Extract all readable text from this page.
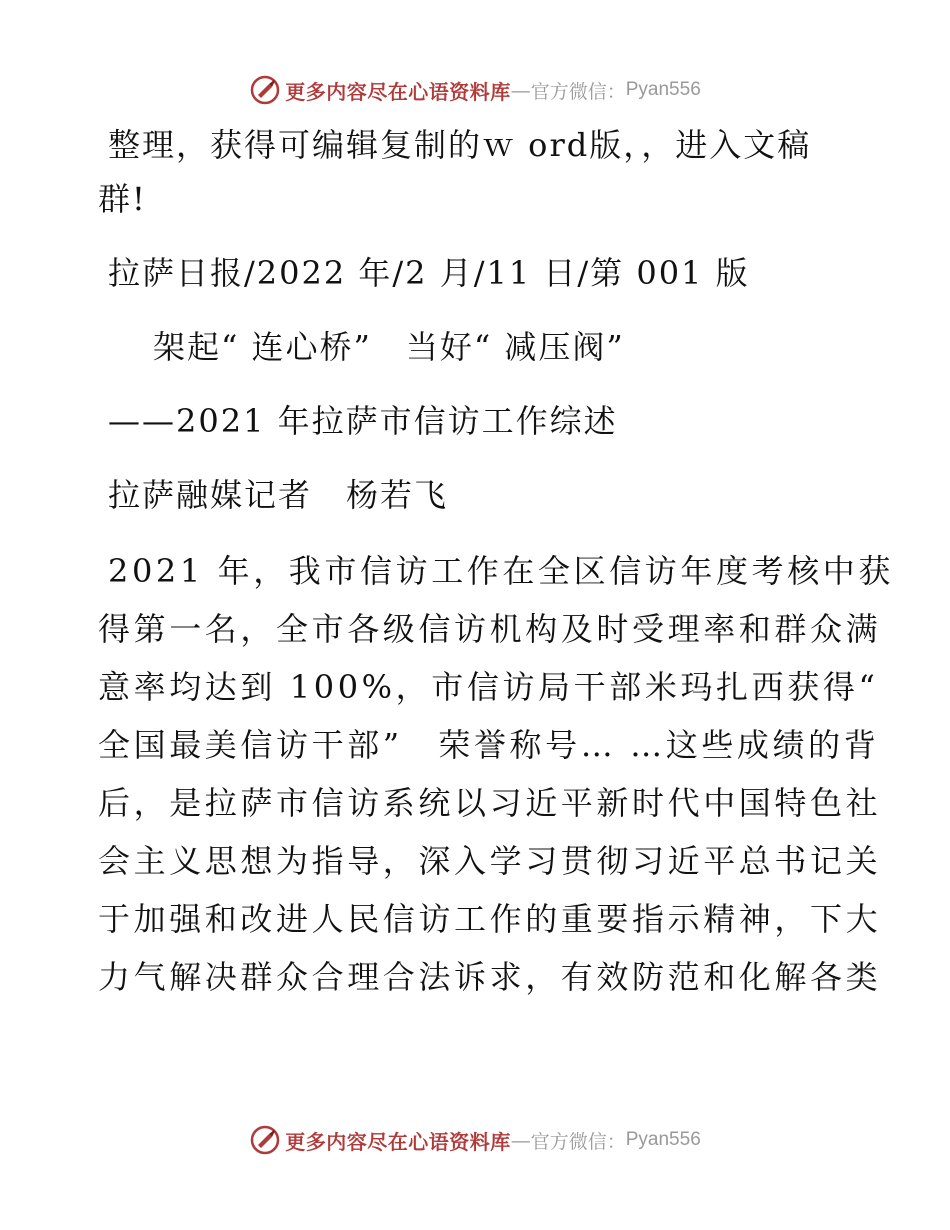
更多内容尽在心语资料库 — 官方微信： Pyan556
整理，获得可编辑复制的ｗ ord版，，进入文稿
群!
拉萨日报/2022 年/2 月/11 日/第 001 版
架起“ 连心桥”　当好“ 减压阀”
——2021 年拉萨市信访工作综述
拉萨融媒记者　杨若飞
2021 年，我市信访工作在全区信访年度考核中获
得第一名，全市各级信访机构及时受理率和群众满
意率均达到 100%，市信访局干部米玛扎西获得“
全国最美信访干部”　荣誉称号… …这些成绩的背
后，是拉萨市信访系统以习近平新时代中国特色社
会主义思想为指导，深入学习贯彻习近平总书记关
于加强和改进人民信访工作的重要指示精神，下大
力气解决群众合理合法诉求，有效防范和化解各类
更多内容尽在心语资料库 — 官方微信： Pyan556
